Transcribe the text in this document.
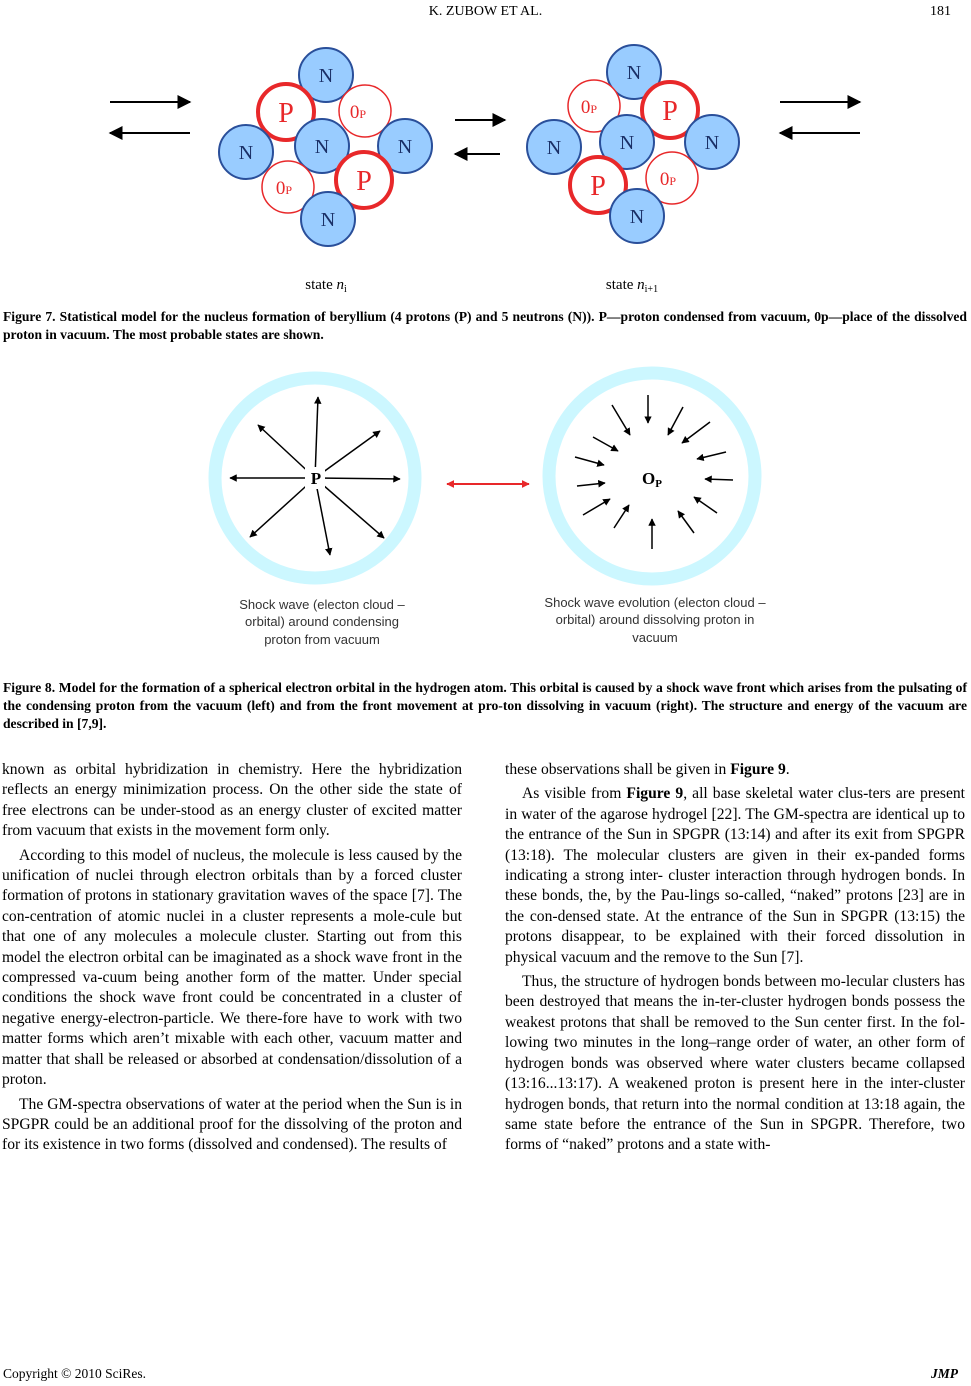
K. ZUBOW ET AL.	181
N
P
N	N
N
P
N
0P
0P
N
P
N	N	N
P
N
0P
0P
state $n_i$	state $n_{i+1}$
Figure 7. Statistical model for the nucleus formation of beryllium (4 protons (P) and 5 neutrons (N)). P—proton condensed from vacuum, 0p—place of the dissolved proton in vacuum. The most probable states are shown.
P	OP
Shock wave (electon cloud –
orbital) around condensing
proton from vacuum
Shock wave evolution (electon cloud –
orbital) around dissolving proton in
vacuum
Figure 8. Model for the formation of a spherical electron orbital in the hydrogen atom. This orbital is caused by a shock wave front which arises from the pulsating of the condensing proton from the vacuum (left) and from the front movement at pro-ton dissolving in vacuum (right). The structure and energy of the vacuum are described in [7,9].

known as orbital hybridization in chemistry. Here the hybridization reflects an energy minimization process. On the other side the state of free electrons can be under-stood as an energy cluster of excited matter from vacuum that exists in the movement form only.

According to this model of nucleus, the molecule is less caused by the unification of nuclei through electron orbitals than by a forced cluster formation of protons in stationary gravitation waves of the space [7]. The con-centration of atomic nuclei in a cluster represents a mole-cule but that one of any molecules a molecule cluster. Starting out from this model the electron orbital can be imaginated as a shock wave front in the compressed va-cuum being another form of the matter. Under special conditions the shock wave front could be concentrated in a cluster of negative energy-electron-particle. We there-fore have to work with two matter forms which aren’t mixable with each other, vacuum matter and matter that shall be released or absorbed at condensation/dissolution of a proton.

The GM-spectra observations of water at the period when the Sun is in SPGPR could be an additional proof for the dissolving of the proton and for its existence in two forms (dissolved and condensed). The results of

these observations shall be given in Figure 9.

As visible from Figure 9, all base skeletal water clus-ters are present in water of the agarose hydrogel [22]. The GM-spectra are identical up to the entrance of the Sun in SPGPR (13:14) and after its exit from SPGPR (13:18). The molecular clusters are given in their ex-panded forms indicating a strong inter- cluster interaction through hydrogen bonds. In these bonds, the, by the Pau-lings so-called, “naked” protons [23] are in the con-densed state. At the entrance of the Sun in SPGPR (13:15) the protons disappear, to be explained with their forced dissolution in physical vacuum and the remove to the Sun [7].

Thus, the structure of hydrogen bonds between mo-lecular clusters has been destroyed that means the in-ter-cluster hydrogen bonds possess the weakest protons that shall be removed to the Sun center first. In the fol-lowing two minutes in the long–range order of water, an other form of hydrogen bonds was observed where water clusters became collapsed (13:16...13:17). A weakened proton is present here in the inter-cluster hydrogen bonds, that return into the normal condition at 13:18 again, the same state before the entrance of the Sun in SPGPR. Therefore, two forms of “naked” protons and a state with-

Copyright © 2010 SciRes.	JMP
